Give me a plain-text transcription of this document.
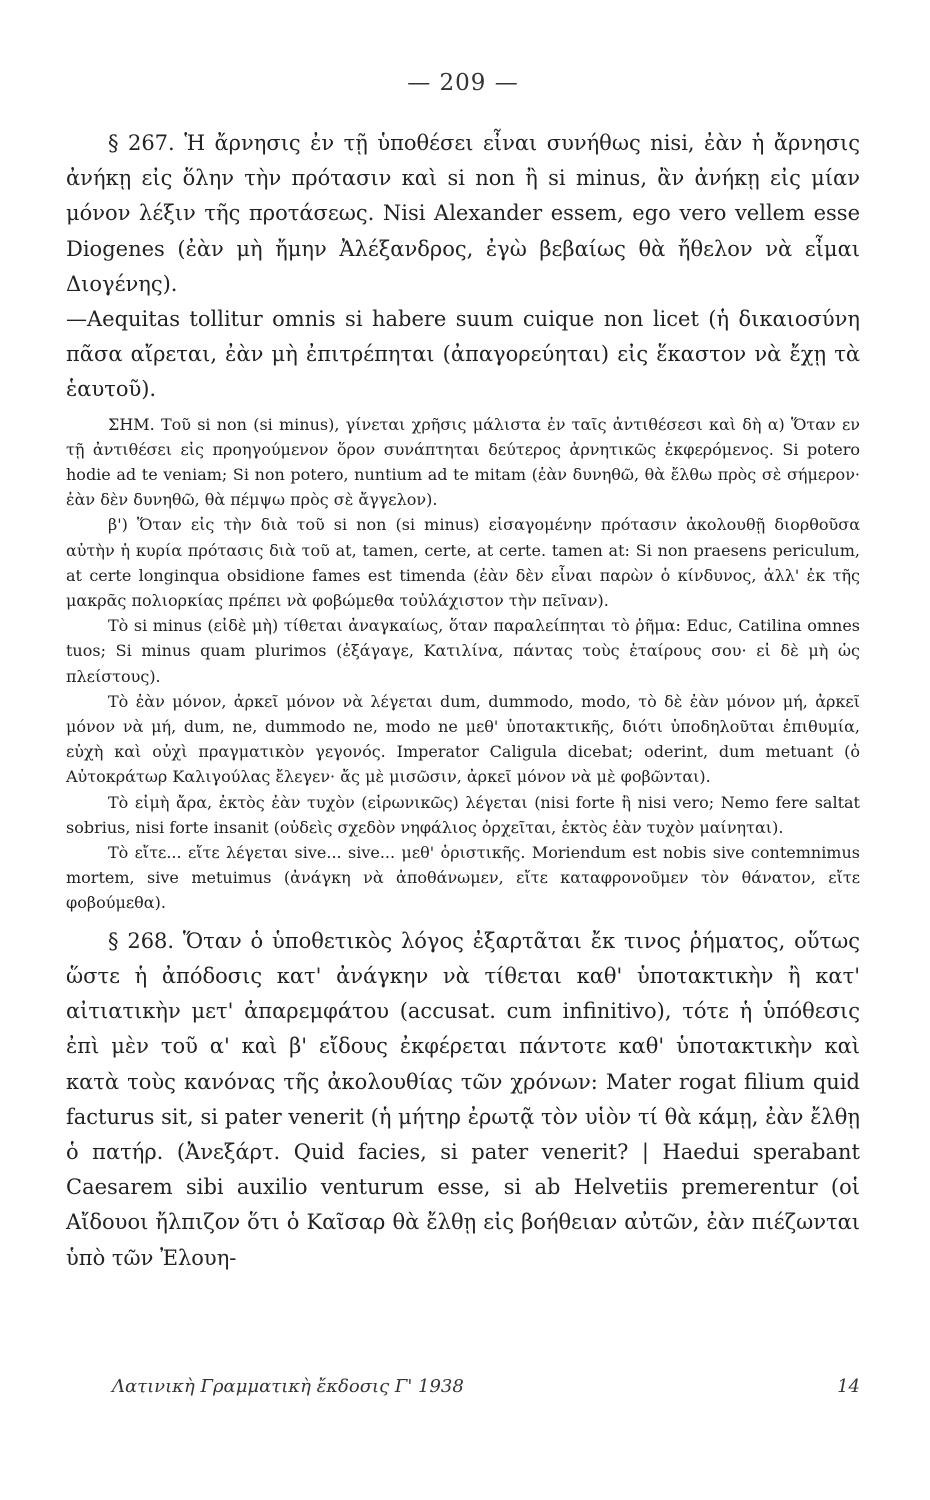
— 209 —

§ 267. Ἡ ἄρνησις ἐν τῇ ὑποθέσει εἶναι συνήθως nisi, ἐὰν ἡ ἄρνησις ἀνήκῃ εἰς ὅλην τὴν πρότασιν καὶ si non ἢ si minus, ἂν ἀνήκῃ εἰς μίαν μόνον λέξιν τῆς προτάσεως. Nisi Alexander essem, ego vero vellem esse Diogenes (ἐὰν μὴ ἤμην Ἀλέξανδρος, ἐγὼ βεβαίως θὰ ἤθελον νὰ εἶμαι Διογένης).

—Aequitas tollitur omnis si habere suum cuique non licet (ἡ δικαιοσύνη πᾶσα αἴρεται, ἐὰν μὴ ἐπιτρέπηται (ἀπαγορεύηται) εἰς ἕκαστον νὰ ἔχῃ τὰ ἑαυτοῦ).

ΣΗΜ. Τοῦ si non (si minus), γίνεται χρῆσις μάλιστα ἐν ταῖς ἀντιθέσεσι καὶ δὴ α) Ὅταν εν τῇ ἀντιθέσει εἰς προηγούμενον ὅρον συνάπτηται δεύτερος ἀρνητικῶς ἐκφερόμενος. Si potero hodie ad te veniam; Si non potero, nuntium ad te mitam (ἐὰν δυνηθῶ, θὰ ἔλθω πρὸς σὲ σήμερον· ἐὰν δὲν δυνηθῶ, θὰ πέμψω πρὸς σὲ ἄγγελον).

β') Ὅταν εἰς τὴν διὰ τοῦ si non (si minus) εἰσαγομένην πρότασιν ἀκολουθῇ διορθοῦσα αὐτὴν ἡ κυρία πρότασις διὰ τοῦ at, tamen, certe, at certe. tamen at: Si non praesens periculum, at certe longinqua obsidione fames est timenda (ἐὰν δὲν εἶναι παρὼν ὁ κίνδυνος, ἀλλ' ἐκ τῆς μακρᾶς πολιορκίας πρέπει νὰ φοβώμεθα τοὐλάχιστον τὴν πεῖναν).

Τὸ si minus (εἰδὲ μὴ) τίθεται ἀναγκαίως, ὅταν παραλείπηται τὸ ῥῆμα: Educ, Catilina omnes tuos; Si minus quam plurimos (ἐξάγαγε, Κατιλίνα, πάντας τοὺς ἑταίρους σου· εἰ δὲ μὴ ὡς πλείστους).

Τὸ ἐὰν μόνον, ἀρκεῖ μόνον νὰ λέγεται dum, dummodo, modo, τὸ δὲ ἐὰν μόνον μή, ἀρκεῖ μόνον νὰ μή, dum, ne, dummodo ne, modo ne μεθ' ὑποτακτικῆς, διότι ὑποδηλοῦται ἐπιθυμία, εὐχὴ καὶ οὐχὶ πραγματικὸν γεγονός. Imperator Caligula dicebat; oderint, dum metuant (ὁ Αὐτοκράτωρ Καλιγούλας ἔλεγεν· ἄς μὲ μισῶσιν, ἀρκεῖ μόνον νὰ μὲ φοβῶνται).

Τὸ εἰμὴ ἄρα, ἐκτὸς ἐὰν τυχὸν (εἰρωνικῶς) λέγεται (nisi forte ἢ nisi vero; Nemo fere saltat sobrius, nisi forte insanit (οὐδεὶς σχεδὸν νηφάλιος ὀρχεῖται, ἐκτὸς ἐὰν τυχὸν μαίνηται).

Τὸ εἴτε... εἴτε λέγεται sive... sive... μεθ' ὁριστικῆς. Moriendum est nobis sive contemnimus mortem, sive metuimus (ἀνάγκη νὰ ἀποθάνωμεν, εἴτε καταφρονοῦμεν τὸν θάνατον, εἴτε φοβούμεθα).

§ 268. Ὅταν ὁ ὑποθετικὸς λόγος ἐξαρτᾶται ἔκ τινος ῥήματος, οὕτως ὥστε ἡ ἀπόδοσις κατ' ἀνάγκην νὰ τίθεται καθ' ὑποτακτικὴν ἢ κατ' αἰτιατικὴν μετ' ἀπαρεμφάτου (accusat. cum infinitivo), τότε ἡ ὑπόθεσις ἐπὶ μὲν τοῦ α' καὶ β' εἴδους ἐκφέρεται πάντοτε καθ' ὑποτακτικὴν καὶ κατὰ τοὺς κανόνας τῆς ἀκολουθίας τῶν χρόνων: Mater rogat filium quid facturus sit, si pater venerit (ἡ μήτηρ ἐρωτᾷ τὸν υἱὸν τί θὰ κάμῃ, ἐὰν ἔλθῃ ὁ πατήρ. (Ἀνεξάρτ. Quid facies, si pater venerit? | Haedui sperabant Caesarem sibi auxilio venturum esse, si ab Helvetiis premerentur (οἱ Αἴδουοι ἤλπιζον ὅτι ὁ Καῖσαρ θὰ ἔλθῃ εἰς βοήθειαν αὐτῶν, ἐὰν πιέζωνται ὑπὸ τῶν Ἐλουη-

Λατινικὴ Γραμματικὴ ἔκδοσις Γ' 1938	14
